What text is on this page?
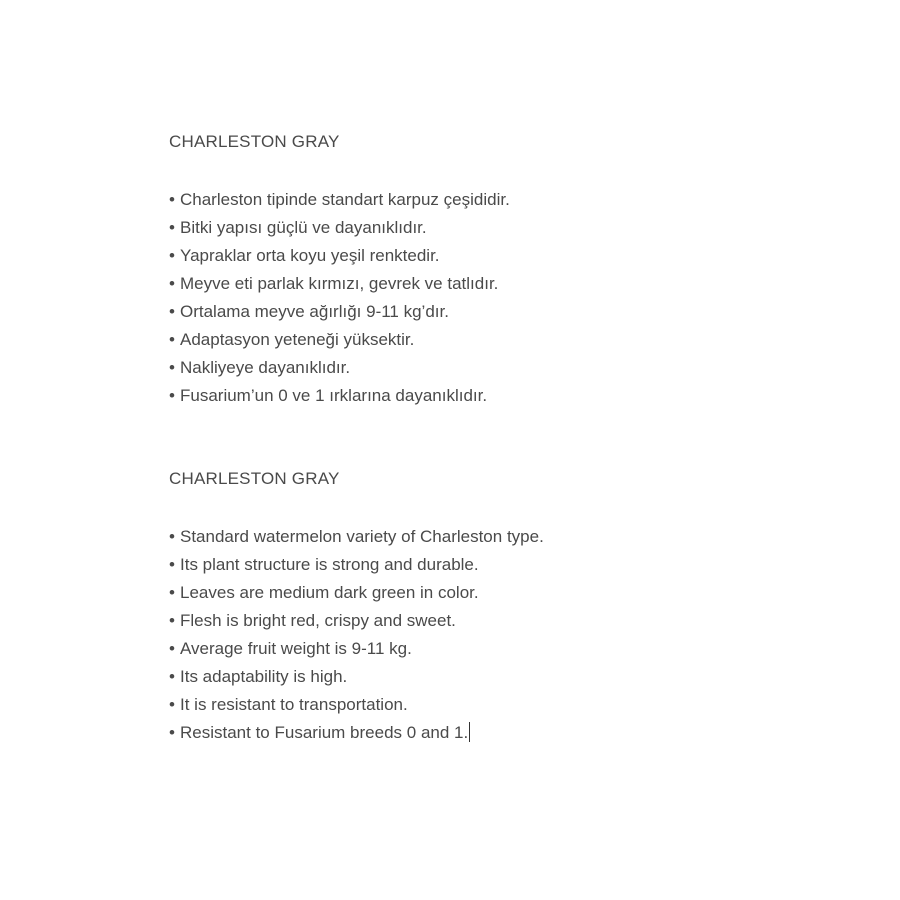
CHARLESTON GRAY
• Charleston tipinde standart karpuz çeşididir.
• Bitki yapısı güçlü ve dayanıklıdır.
• Yapraklar orta koyu yeşil renktedir.
• Meyve eti parlak kırmızı, gevrek ve tatlıdır.
• Ortalama meyve ağırlığı 9-11 kg’dır.
• Adaptasyon yeteneği yüksektir.
• Nakliyeye dayanıklıdır.
• Fusarium’un 0 ve 1 ırklarına dayanıklıdır.
CHARLESTON GRAY
• Standard watermelon variety of Charleston type.
• Its plant structure is strong and durable.
• Leaves are medium dark green in color.
• Flesh is bright red, crispy and sweet.
• Average fruit weight is 9-11 kg.
• Its adaptability is high.
• It is resistant to transportation.
• Resistant to Fusarium breeds 0 and 1.
